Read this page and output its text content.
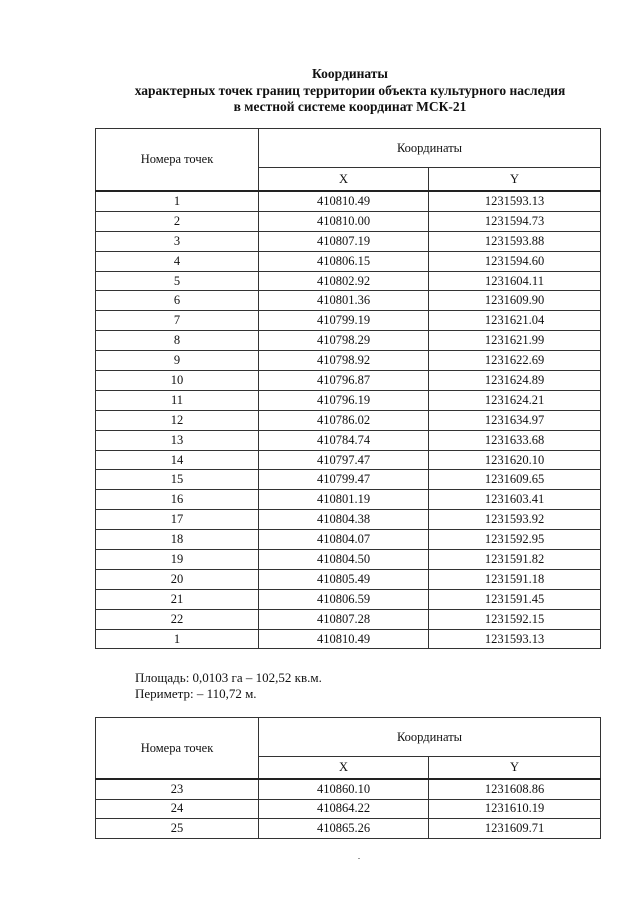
Координаты
характерных точек границ территории объекта культурного наследия
в местной системе координат МСК-21
Номера точек	Координаты	
	X	Y
1	410810.49	1231593.13
2	410810.00	1231594.73
3	410807.19	1231593.88
4	410806.15	1231594.60
5	410802.92	1231604.11
6	410801.36	1231609.90
7	410799.19	1231621.04
8	410798.29	1231621.99
9	410798.92	1231622.69
10	410796.87	1231624.89
11	410796.19	1231624.21
12	410786.02	1231634.97
13	410784.74	1231633.68
14	410797.47	1231620.10
15	410799.47	1231609.65
16	410801.19	1231603.41
17	410804.38	1231593.92
18	410804.07	1231592.95
19	410804.50	1231591.82
20	410805.49	1231591.18
21	410806.59	1231591.45
22	410807.28	1231592.15
1	410810.49	1231593.13
Площадь: 0,0103 га – 102,52 кв.м.
Периметр: – 110,72 м.
Номера точек	Координаты	
	X	Y
23	410860.10	1231608.86
24	410864.22	1231610.19
25	410865.26	1231609.71
